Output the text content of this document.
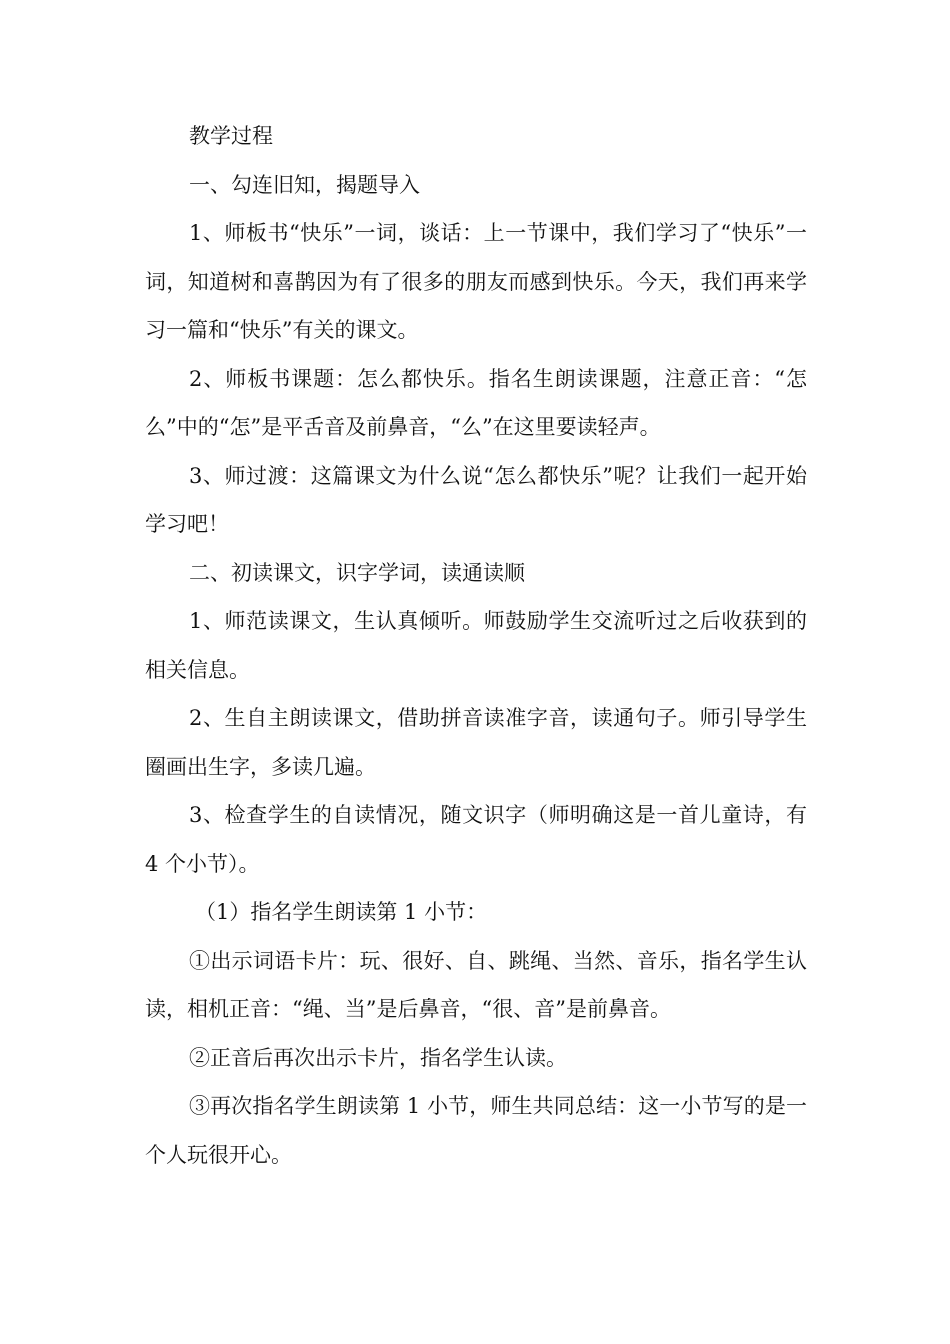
教学过程

一、勾连旧知，揭题导入

1、师板书“快乐”一词，谈话：上一节课中，我们学习了“快乐”一词，知道树和喜鹊因为有了很多的朋友而感到快乐。今天，我们再来学习一篇和“快乐”有关的课文。

2、师板书课题：怎么都快乐。指名生朗读课题，注意正音：“怎么”中的“怎”是平舌音及前鼻音，“么”在这里要读轻声。

3、师过渡：这篇课文为什么说“怎么都快乐”呢？让我们一起开始学习吧！

二、初读课文，识字学词，读通读顺

1、师范读课文，生认真倾听。师鼓励学生交流听过之后收获到的相关信息。

2、生自主朗读课文，借助拼音读准字音，读通句子。师引导学生圈画出生字，多读几遍。

3、检查学生的自读情况，随文识字（师明确这是一首儿童诗，有 4 个小节）。

（1）指名学生朗读第 1 小节：

①出示词语卡片：玩、很好、自、跳绳、当然、音乐，指名学生认读，相机正音：“绳、当”是后鼻音，“很、音”是前鼻音。

②正音后再次出示卡片，指名学生认读。

③再次指名学生朗读第 1 小节，师生共同总结：这一小节写的是一个人玩很开心。
